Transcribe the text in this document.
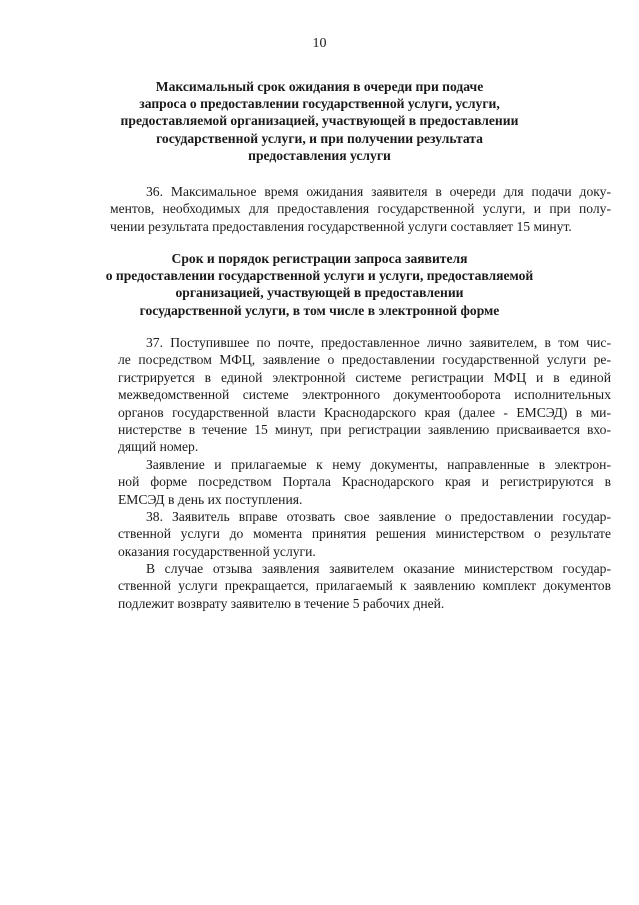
10
Максимальный срок ожидания в очереди при подаче
запроса о предоставлении государственной услуги, услуги,
предоставляемой организацией, участвующей в предоставлении
государственной услуги, и при получении результата
предоставления услуги
36. Максимальное время ожидания заявителя в очереди для подачи доку-
ментов, необходимых для предоставления государственной услуги, и при полу-
чении результата предоставления государственной услуги составляет 15 минут.
Срок и порядок регистрации запроса заявителя
о предоставлении государственной услуги и услуги, предоставляемой
организацией, участвующей в предоставлении
государственной услуги, в том числе в электронной форме
37. Поступившее по почте, предоставленное лично заявителем, в том чис-
ле посредством МФЦ, заявление о предоставлении государственной услуги ре-
гистрируется в единой электронной системе регистрации МФЦ и в единой
межведомственной системе электронного документооборота исполнительных
органов государственной власти Краснодарского края (далее - ЕМСЭД) в ми-
нистерстве в течение 15 минут, при регистрации заявлению присваивается вхо-
дящий номер.
Заявление и прилагаемые к нему документы, направленные в электрон-
ной форме посредством Портала Краснодарского края и регистрируются в
ЕМСЭД в день их поступления.
38. Заявитель вправе отозвать свое заявление о предоставлении государ-
ственной услуги до момента принятия решения министерством о результате
оказания государственной услуги.
В случае отзыва заявления заявителем оказание министерством государ-
ственной услуги прекращается, прилагаемый к заявлению комплект документов
подлежит возврату заявителю в течение 5 рабочих дней.
